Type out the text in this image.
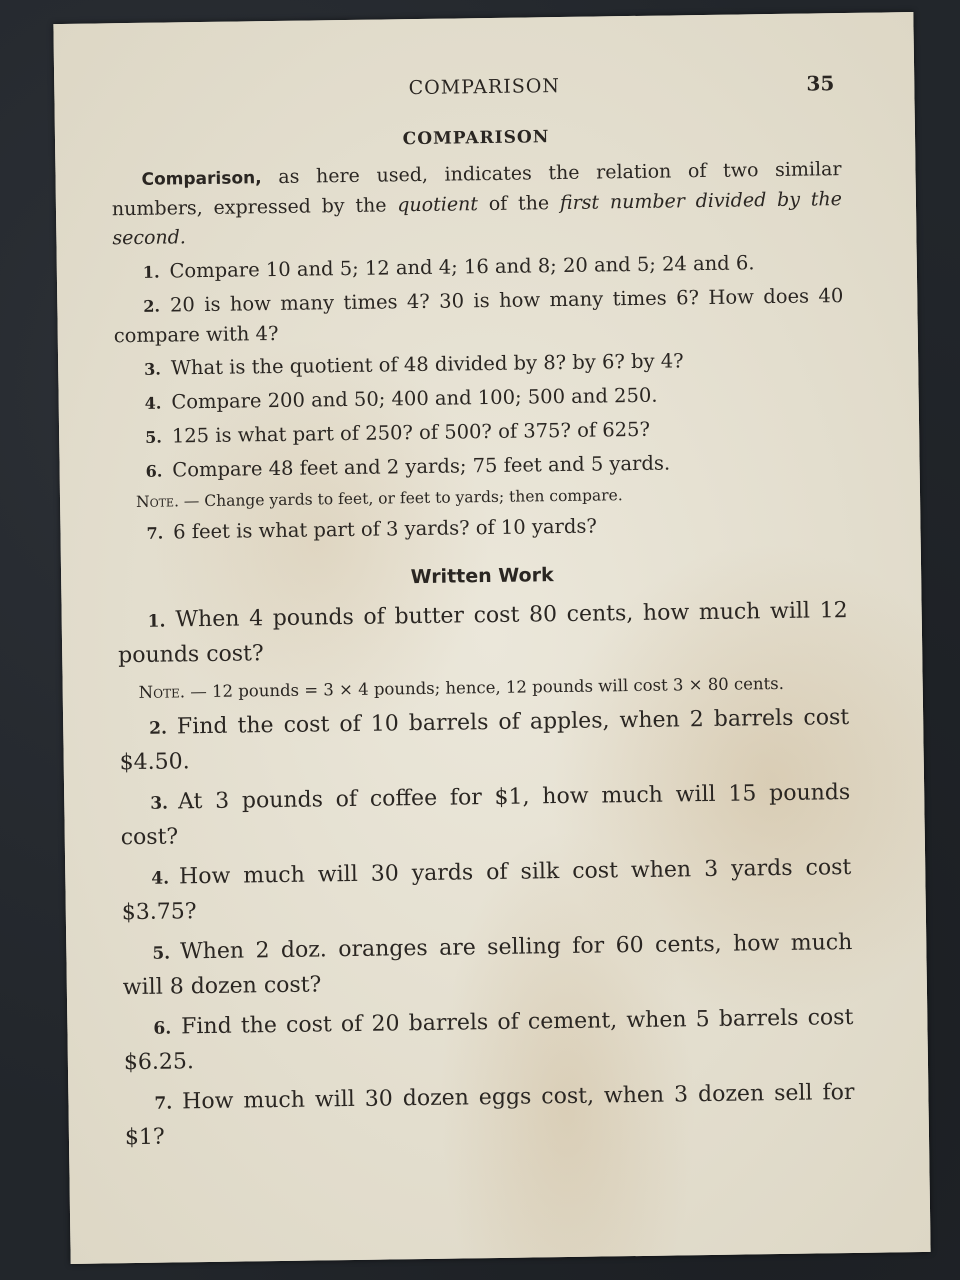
COMPARISON	35
COMPARISON

Comparison, as here used, indicates the relation of two similar numbers, expressed by the quotient of the first number divided by the second.

1. Compare 10 and 5; 12 and 4; 16 and 8; 20 and 5; 24 and 6.

2. 20 is how many times 4? 30 is how many times 6? How does 40 compare with 4?

3. What is the quotient of 48 divided by 8? by 6? by 4?

4. Compare 200 and 50; 400 and 100; 500 and 250.

5. 125 is what part of 250? of 500? of 375? of 625?

6. Compare 48 feet and 2 yards; 75 feet and 5 yards.

Note. — Change yards to feet, or feet to yards; then compare.

7. 6 feet is what part of 3 yards? of 10 yards?

Written Work

1. When 4 pounds of butter cost 80 cents, how much will 12 pounds cost?

Note. — 12 pounds = 3 × 4 pounds; hence, 12 pounds will cost 3 × 80 cents.

2. Find the cost of 10 barrels of apples, when 2 barrels cost $4.50.

3. At 3 pounds of coffee for $1, how much will 15 pounds cost?

4. How much will 30 yards of silk cost when 3 yards cost $3.75?

5. When 2 doz. oranges are selling for 60 cents, how much will 8 dozen cost?

6. Find the cost of 20 barrels of cement, when 5 barrels cost $6.25.

7. How much will 30 dozen eggs cost, when 3 dozen sell for $1?
